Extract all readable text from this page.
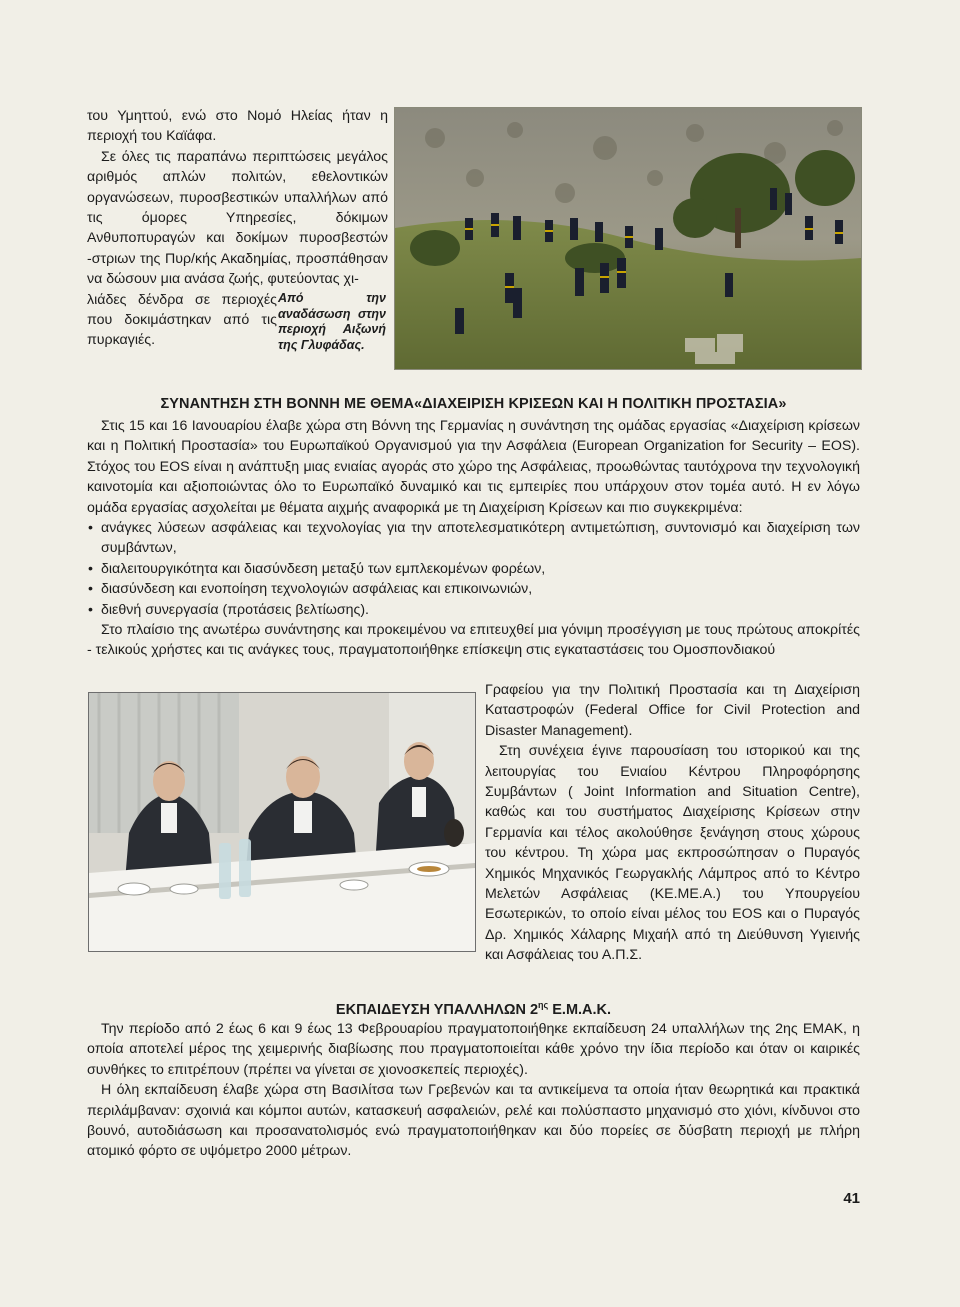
του Υμηττού, ενώ στο Νομό Ηλείας ήταν η περιοχή του Καϊάφα.

Σε όλες τις παραπάνω περιπτώσεις μεγάλος αριθμός απλών πολιτών, εθελοντικών οργανώσεων, πυροσβεστικών υπαλλήλων από τις όμορες Υπηρεσίες, δόκιμων Ανθυποπυραγών και δοκίμων πυροσβεστών -στριων της Πυρ/κής Ακαδημίας, προσπάθησαν να δώσουν μια ανάσα ζωής, φυτεύοντας χι-

λιάδες δένδρα σε περιοχές που δοκιμάστηκαν από τις πυρκαγιές.

Από την αναδάσωση στην περιοχή Αιξωνή της Γλυφάδας.
ΣΥΝΑΝΤΗΣΗ ΣΤΗ ΒΟΝΝΗ ΜΕ ΘΕΜΑ«ΔΙΑΧΕΙΡΙΣΗ ΚΡΙΣΕΩΝ ΚΑΙ Η ΠΟΛΙΤΙΚΗ ΠΡΟΣΤΑΣΙΑ»

Στις 15 και 16 Ιανουαρίου έλαβε χώρα στη Βόννη της Γερμανίας η συνάντηση της ομάδας εργασίας «Διαχείριση κρίσεων και η Πολιτική Προστασία» του Ευρωπαϊκού Οργανισμού για την Ασφάλεια (European Organization for Security – EOS). Στόχος του EOS είναι η ανάπτυξη μιας ενιαίας αγοράς στο χώρο της Ασφάλειας, προωθώντας ταυτόχρονα την τεχνολογική καινοτομία και αξιοποιώντας όλο το Ευρωπαϊκό δυναμικό και τις εμπειρίες που υπάρχουν στον τομέα αυτό. Η εν λόγω ομάδα εργασίας ασχολείται με θέματα αιχμής αναφορικά με τη Διαχείριση Κρίσεων και πιο συγκεκριμένα:

• ανάγκες λύσεων ασφάλειας και τεχνολογίας για την αποτελεσματικότερη αντιμετώπιση, συντονισμό και διαχείριση των συμβάντων,

• διαλειτουργικότητα και διασύνδεση μεταξύ των εμπλεκομένων φορέων,

• διασύνδεση και ενοποίηση τεχνολογιών ασφάλειας και επικοινωνιών,

• διεθνή συνεργασία (προτάσεις βελτίωσης).

Στο πλαίσιο της ανωτέρω συνάντησης και προκειμένου να επιτευχθεί μια γόνιμη προσέγγιση με τους πρώτους αποκρίτές - τελικούς χρήστες και τις ανάγκες τους, πραγματοποιήθηκε επίσκεψη στις εγκαταστάσεις του Ομοσπονδιακού

Γραφείου για την Πολιτική Προστασία και τη Διαχείριση Καταστροφών (Federal Office for Civil Protection and Disaster Management).

Στη συνέχεια έγινε παρουσίαση του ιστορικού και της λειτουργίας του Ενιαίου Κέντρου Πληροφόρησης Συμβάντων ( Joint Information and Situation Centre), καθώς και του συστήματος Διαχείρισης Κρίσεων στην Γερμανία και τέλος ακολούθησε ξενάγηση στους χώρους του κέντρου. Τη χώρα μας εκπροσώπησαν ο Πυραγός Χημικός Μηχανικός Γεωργακλής Λάμπρος από το Κέντρο Μελετών Ασφάλειας (ΚΕ.ΜΕ.Α.) του Υπουργείου Εσωτερικών, το οποίο είναι μέλος του EOS και ο Πυραγός Δρ. Χημικός Χάλαρης Μιχαήλ από τη Διεύθυνση Υγιεινής και Ασφάλειας του Α.Π.Σ.

ΕΚΠΑΙΔΕΥΣΗ ΥΠΑΛΛΗΛΩΝ $2^{\eta\varsigma}$ Ε.Μ.Α.Κ.

Την περίοδο από 2 έως 6 και 9 έως 13 Φεβρουαρίου πραγματοποιήθηκε εκπαίδευση 24 υπαλλήλων της 2ης ΕΜΑΚ, η οποία αποτελεί μέρος της χειμερινής διαβίωσης που πραγματοποιείται κάθε χρόνο την ίδια περίοδο και όταν οι καιρικές συνθήκες το επιτρέπουν (πρέπει να γίνεται σε χιονοσκεπείς περιοχές).

Η όλη εκπαίδευση έλαβε χώρα στη Βασιλίτσα των Γρεβενών και τα αντικείμενα τα οποία ήταν θεωρητικά και πρακτικά περιλάμβαναν: σχοινιά και κόμποι αυτών, κατασκευή ασφαλειών, ρελέ και πολύσπαστο μηχανισμό στο χιόνι, κίνδυνοι στο βουνό, αυτοδιάσωση και προσανατολισμός ενώ πραγματοποιήθηκαν και δύο πορείες σε δύσβατη περιοχή με πλήρη ατομικό φόρτο σε υψόμετρο 2000 μέτρων.

41
